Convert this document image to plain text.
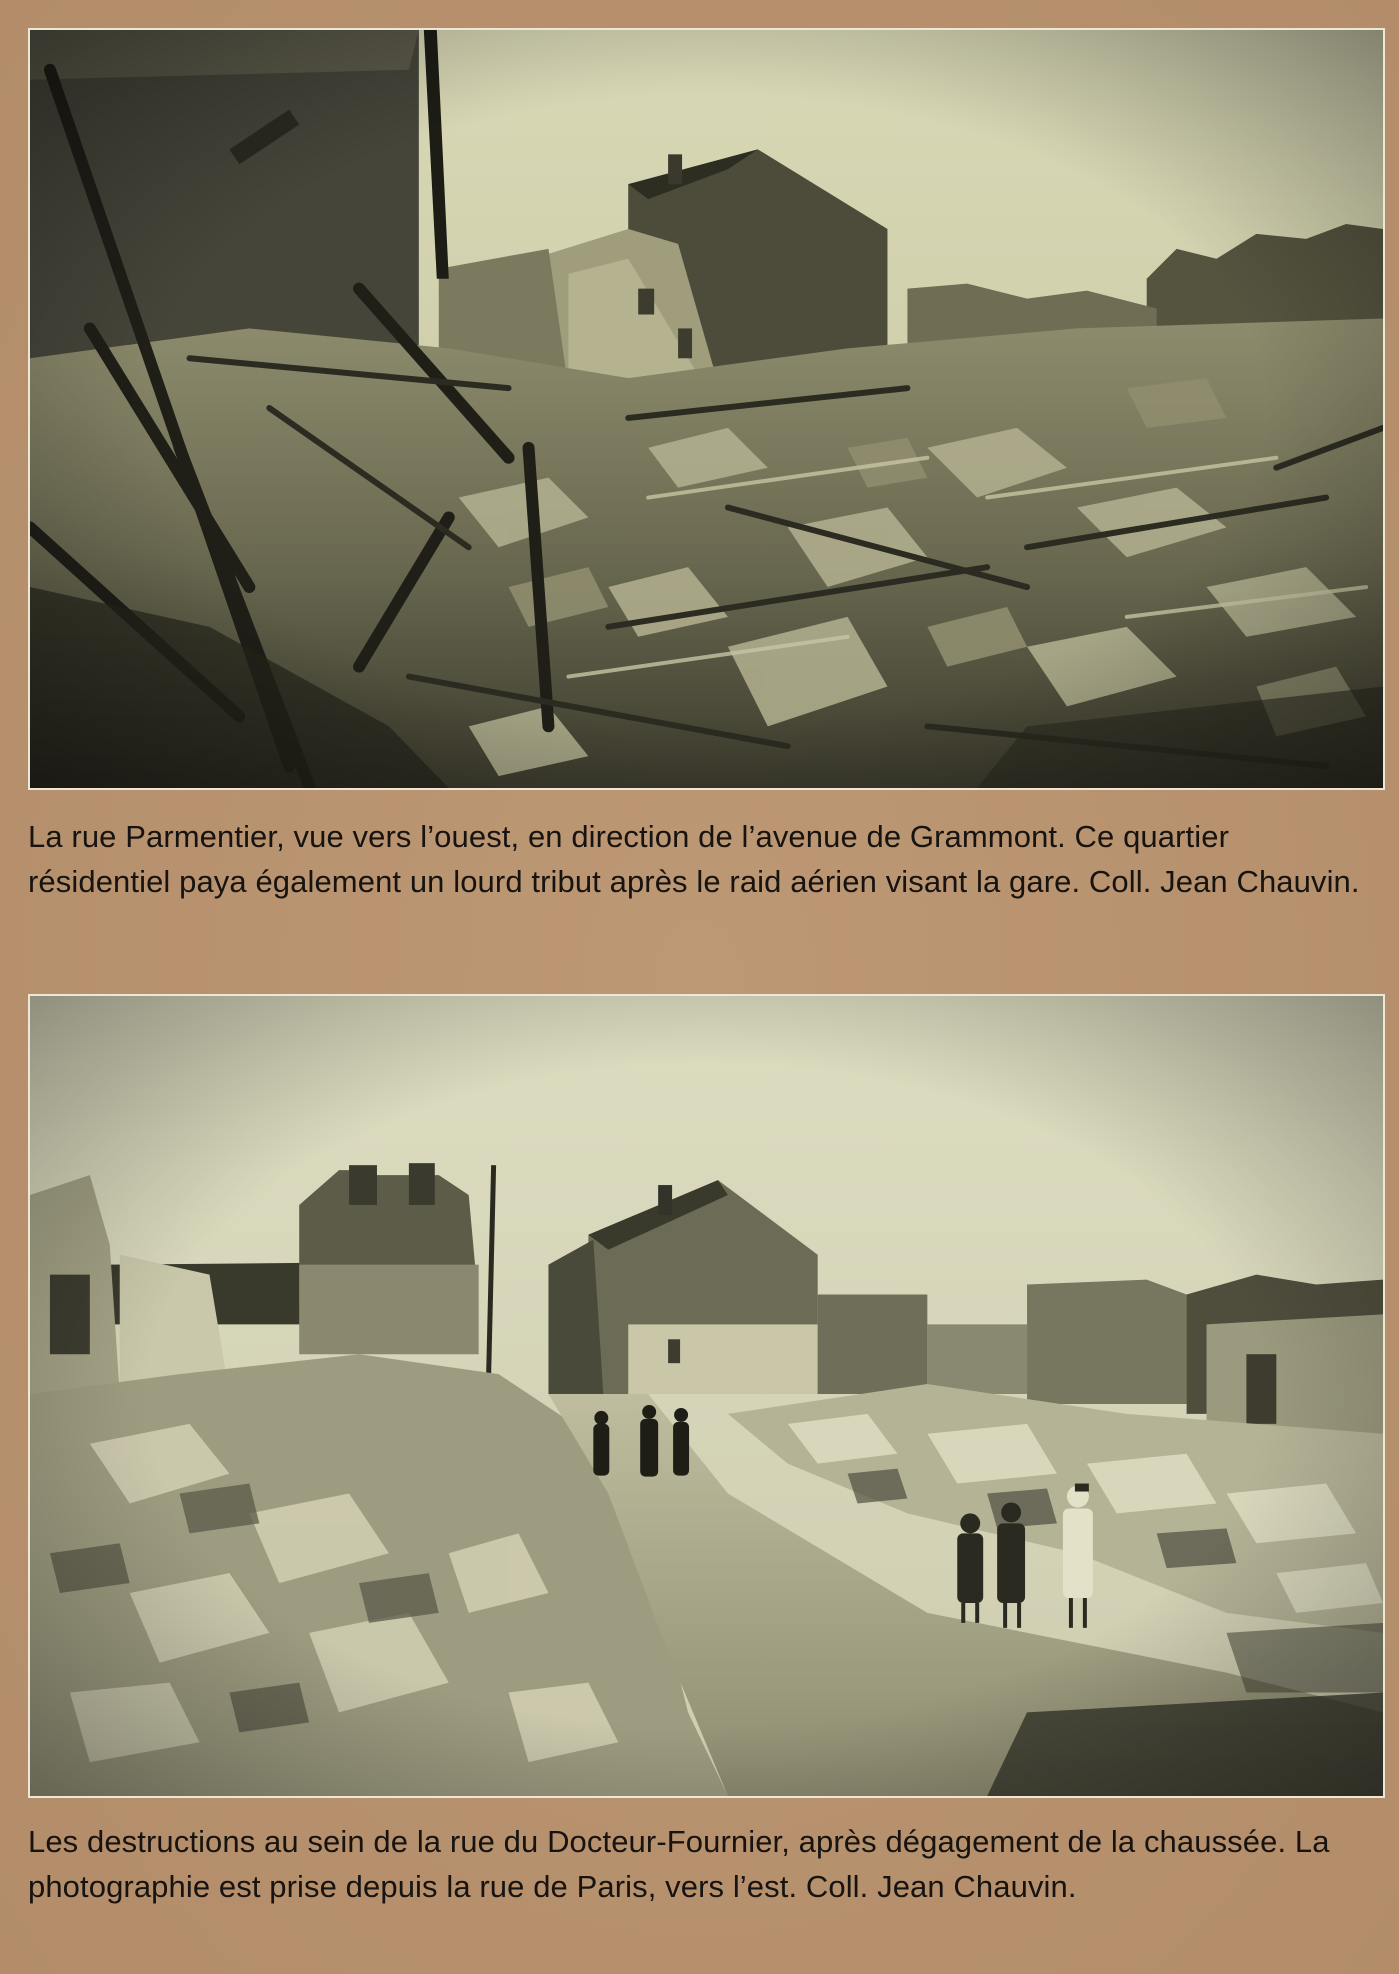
La rue Parmentier, vue vers l’ouest, en direction de l’avenue de Grammont. Ce quartier résidentiel paya également un lourd tribut après le raid aérien visant la gare. Coll. Jean Chauvin.

Les destructions au sein de la rue du Docteur-Fournier, après dégagement de la chaussée. La photographie est prise depuis la rue de Paris, vers l’est. Coll. Jean Chauvin.
